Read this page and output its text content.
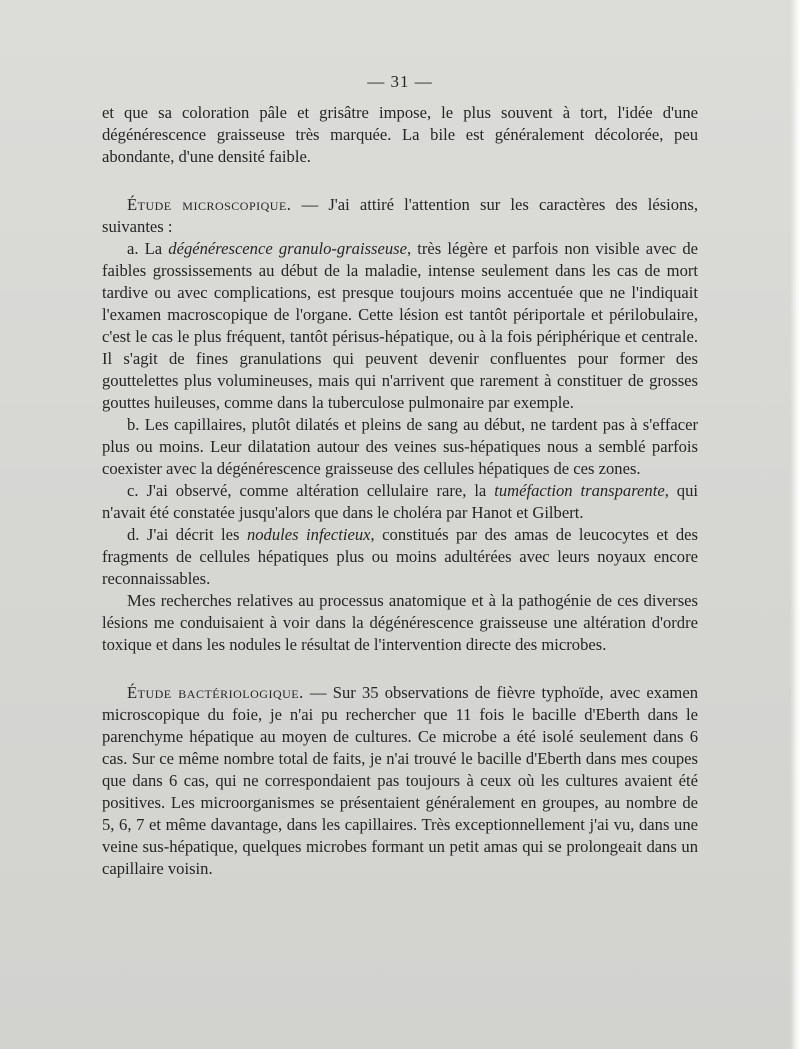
— 31 —

et que sa coloration pâle et grisâtre impose, le plus souvent à tort, l'idée d'une dégénérescence graisseuse très marquée. La bile est généralement décolorée, peu abondante, d'une densité faible.

Étude microscopique. — J'ai attiré l'attention sur les caractères des lésions, suivantes :

a. La dégénérescence granulo-graisseuse, très légère et parfois non visible avec de faibles grossissements au début de la maladie, intense seulement dans les cas de mort tardive ou avec complications, est presque toujours moins accentuée que ne l'indiquait l'examen macroscopique de l'organe. Cette lésion est tantôt périportale et périlobulaire, c'est le cas le plus fréquent, tantôt périsus-hépatique, ou à la fois périphérique et centrale. Il s'agit de fines granulations qui peuvent devenir confluentes pour former des gouttelettes plus volumineuses, mais qui n'arrivent que rarement à constituer de grosses gouttes huileuses, comme dans la tuberculose pulmonaire par exemple.

b. Les capillaires, plutôt dilatés et pleins de sang au début, ne tardent pas à s'effacer plus ou moins. Leur dilatation autour des veines sus-hépatiques nous a semblé parfois coexister avec la dégénérescence graisseuse des cellules hépatiques de ces zones.

c. J'ai observé, comme altération cellulaire rare, la tuméfaction transparente, qui n'avait été constatée jusqu'alors que dans le choléra par Hanot et Gilbert.

d. J'ai décrit les nodules infectieux, constitués par des amas de leucocytes et des fragments de cellules hépatiques plus ou moins adultérées avec leurs noyaux encore reconnaissables.

Mes recherches relatives au processus anatomique et à la pathogénie de ces diverses lésions me conduisaient à voir dans la dégénérescence graisseuse une altération d'ordre toxique et dans les nodules le résultat de l'intervention directe des microbes.

Étude bactériologique. — Sur 35 observations de fièvre typhoïde, avec examen microscopique du foie, je n'ai pu rechercher que 11 fois le bacille d'Eberth dans le parenchyme hépatique au moyen de cultures. Ce microbe a été isolé seulement dans 6 cas. Sur ce même nombre total de faits, je n'ai trouvé le bacille d'Eberth dans mes coupes que dans 6 cas, qui ne correspondaient pas toujours à ceux où les cultures avaient été positives. Les microorganismes se présentaient généralement en groupes, au nombre de 5, 6, 7 et même davantage, dans les capillaires. Très exceptionnellement j'ai vu, dans une veine sus-hépatique, quelques microbes formant un petit amas qui se prolongeait dans un capillaire voisin.
